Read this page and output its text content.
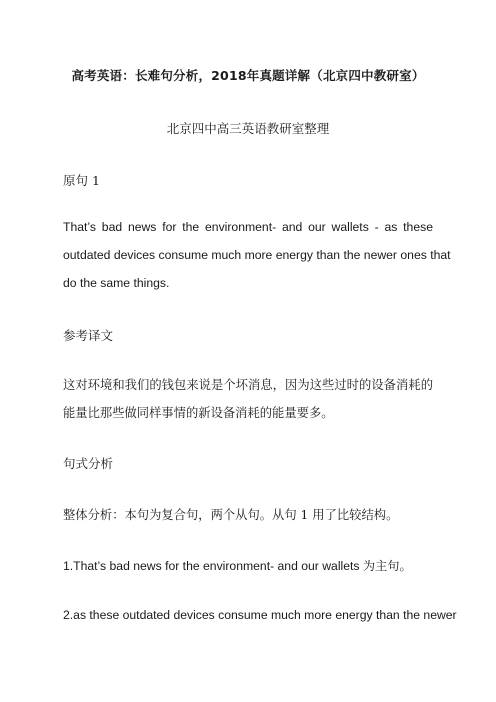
高考英语：长难句分析，2018年真题详解（北京四中教研室）

北京四中高三英语教研室整理

原句 1

That’s bad news for the environment- and our wallets - as these

outdated devices consume much more energy than the newer ones that

do the same things.

参考译文

这对环境和我们的钱包来说是个坏消息，因为这些过时的设备消耗的

能量比那些做同样事情的新设备消耗的能量要多。

句式分析

整体分析：本句为复合句，两个从句。从句 1 用了比较结构。

1.That’s bad news for the environment- and our wallets 为主句。

2.as these outdated devices consume much more energy than the newer
